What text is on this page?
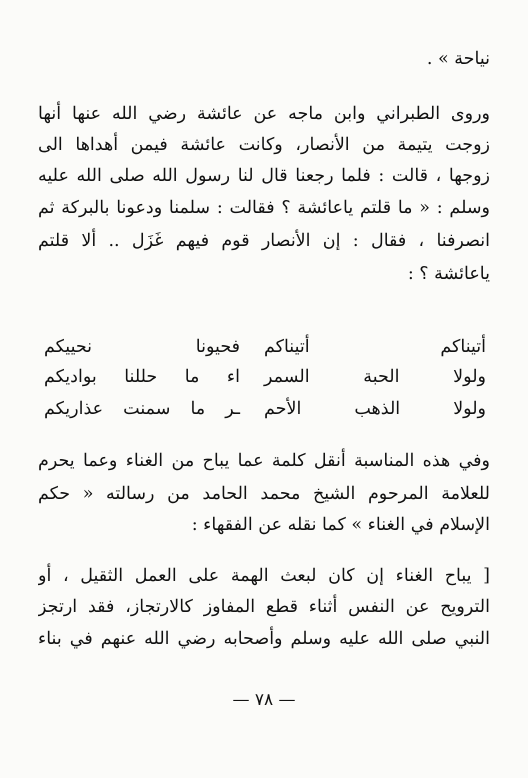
نياحة » .
وروى الطبراني وابن ماجه عن عائشة رضي الله عنها أنها
زوجت يتيمة من الأنصار، وكانت عائشة فيمن أهداها الى
زوجها ، قالت : فلما رجعنا قال لنا رسول الله صلى الله عليه
وسلم : « ما قلتم ياعائشة ؟ فقالت : سلمنا ودعونا بالبركة ثم
انصرفنا ، فقال : إن الأنصار قوم فيهم غَزَل .. ألا قلتم
ياعائشة ؟ :
أتيناكم أتيناكم
فحيونا نحييكم
ولولا الحبة السمر
اء ما حللنا بواديكم
ولولا الذهب الأحم
ـر ما سمنت عذاريكم
وفي هذه المناسبة أنقل كلمة عما يباح من الغناء وعما يحرم
للعلامة المرحوم الشيخ محمد الحامد من رسالته « حكم
الإسلام في الغناء » كما نقله عن الفقهاء :
[ يباح الغناء إن كان لبعث الهمة على العمل الثقيل ، أو
الترويح عن النفس أثناء قطع المفاوز كالارتجاز، فقد ارتجز
النبي صلى الله عليه وسلم وأصحابه رضي الله عنهم في بناء
— ٧٨ —
